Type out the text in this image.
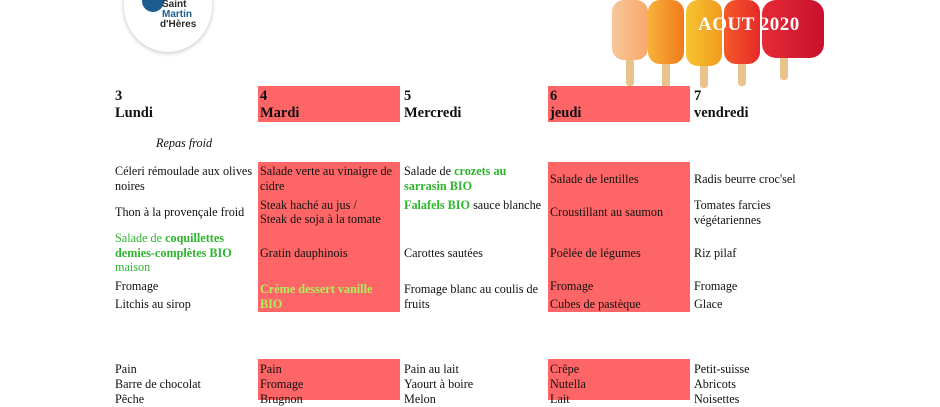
Saint
Martin
d'Hères	AOUT 2020
3
Lundi
4
Mardi
5
Mercredi
6
jeudi
7
vendredi
Repas froid
Céleri rémoulade aux olives noires
Thon à la provençale froid
Salade de coquillettes demies-complètes BIO maison
Fromage
Litchis au sirop
Pain
Barre de chocolat
Pêche
Salade verte au vinaigre de cidre
Steak haché au jus /
Steak de soja à la tomate
Gratin dauphinois
Crème dessert vanille BIO
Pain
Fromage
Brugnon
Salade de crozets au sarrasin BIO
Falafels BIO sauce blanche
Carottes sautées
Fromage blanc au coulis de fruits
Pain au lait
Yaourt à boire
Melon
Salade de lentilles
Croustillant au saumon
Poêlée de légumes
Fromage
Cubes de pastèque
Crêpe
Nutella
Lait
Radis beurre croc'sel
Tomates farcies végétariennes
Riz pilaf
Fromage
Glace
Petit-suisse
Abricots
Noisettes
